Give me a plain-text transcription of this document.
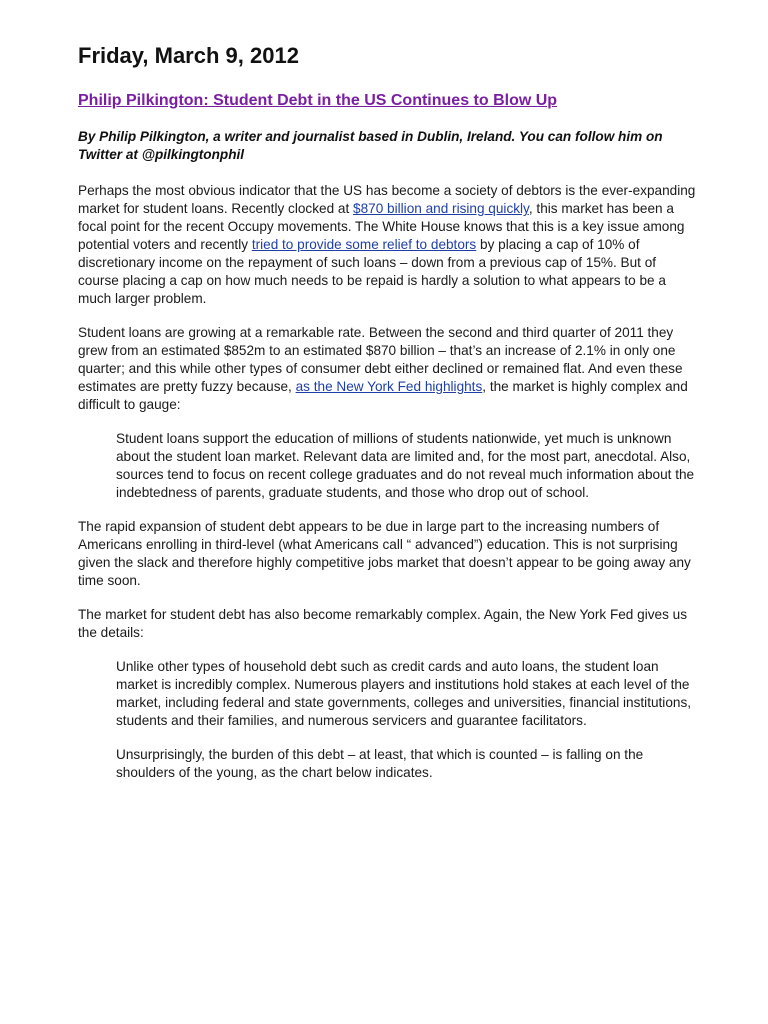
Friday, March 9, 2012
Philip Pilkington: Student Debt in the US Continues to Blow Up

By Philip Pilkington, a writer and journalist based in Dublin, Ireland. You can follow him on Twitter at @pilkingtonphil

Perhaps the most obvious indicator that the US has become a society of debtors is the ever-expanding market for student loans. Recently clocked at $870 billion and rising quickly, this market has been a focal point for the recent Occupy movements. The White House knows that this is a key issue among potential voters and recently tried to provide some relief to debtors by placing a cap of 10% of discretionary income on the repayment of such loans – down from a previous cap of 15%. But of course placing a cap on how much needs to be repaid is hardly a solution to what appears to be a much larger problem.

Student loans are growing at a remarkable rate. Between the second and third quarter of 2011 they grew from an estimated $852m to an estimated $870 billion – that’s an increase of 2.1% in only one quarter; and this while other types of consumer debt either declined or remained flat. And even these estimates are pretty fuzzy because, as the New York Fed highlights, the market is highly complex and difficult to gauge:

Student loans support the education of millions of students nationwide, yet much is unknown about the student loan market. Relevant data are limited and, for the most part, anecdotal. Also, sources tend to focus on recent college graduates and do not reveal much information about the indebtedness of parents, graduate students, and those who drop out of school.

The rapid expansion of student debt appears to be due in large part to the increasing numbers of Americans enrolling in third-level (what Americans call “ advanced”) education. This is not surprising given the slack and therefore highly competitive jobs market that doesn’t appear to be going away any time soon.

The market for student debt has also become remarkably complex. Again, the New York Fed gives us the details:

Unlike other types of household debt such as credit cards and auto loans, the student loan market is incredibly complex. Numerous players and institutions hold stakes at each level of the market, including federal and state governments, colleges and universities, financial institutions, students and their families, and numerous servicers and guarantee facilitators.

Unsurprisingly, the burden of this debt – at least, that which is counted – is falling on the shoulders of the young, as the chart below indicates.
